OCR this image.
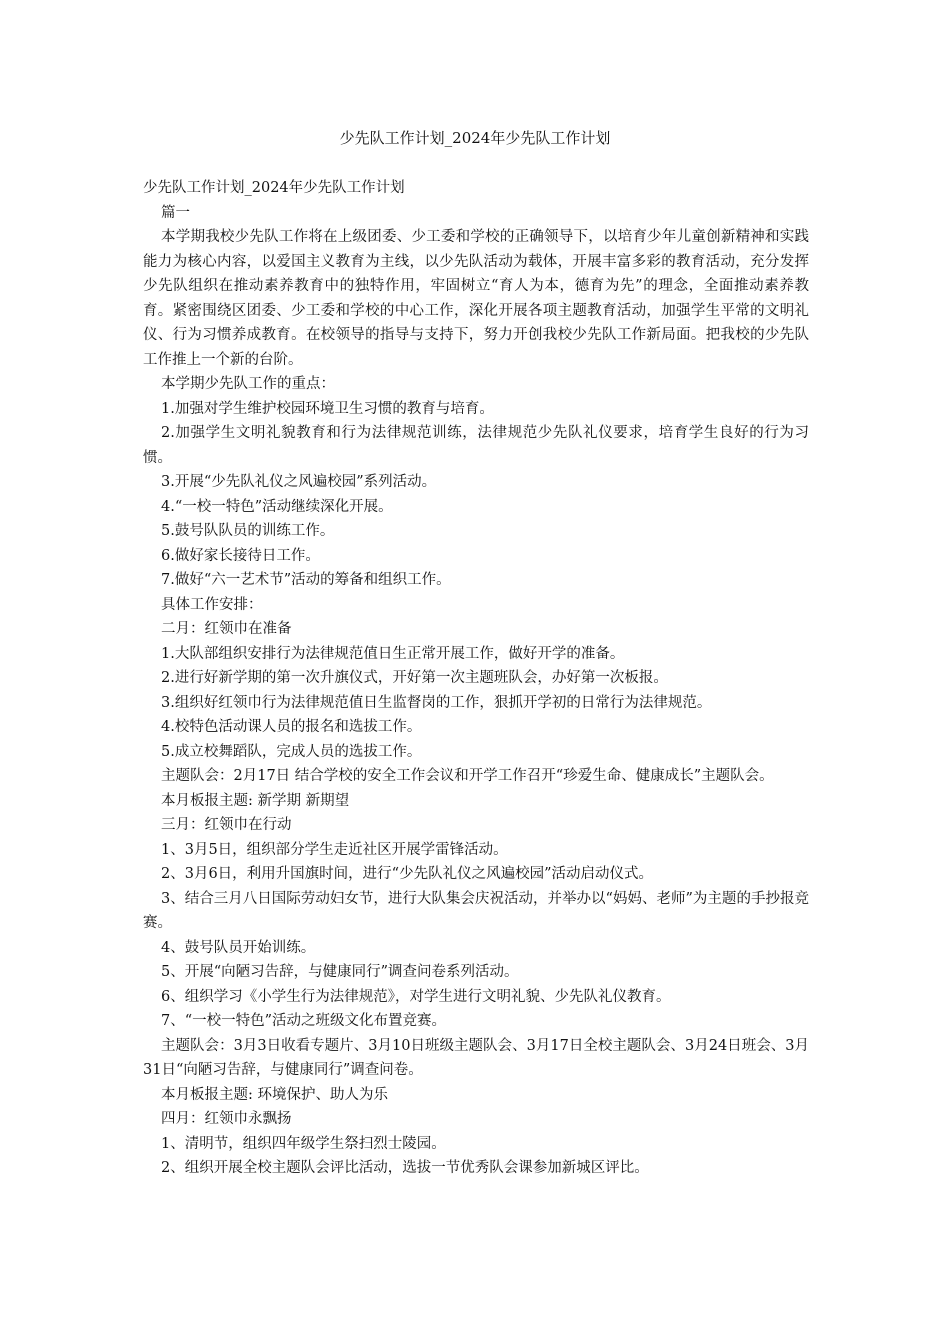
少先队工作计划_2024年少先队工作计划

少先队工作计划_2024年少先队工作计划

篇一

本学期我校少先队工作将在上级团委、少工委和学校的正确领导下，以培育少年儿童创新精神和实践能力为核心内容，以爱国主义教育为主线，以少先队活动为载体，开展丰富多彩的教育活动，充分发挥少先队组织在推动素养教育中的独特作用，牢固树立“育人为本，德育为先”的理念，全面推动素养教育。紧密围绕区团委、少工委和学校的中心工作，深化开展各项主题教育活动，加强学生平常的文明礼仪、行为习惯养成教育。在校领导的指导与支持下，努力开创我校少先队工作新局面。把我校的少先队工作推上一个新的台阶。

本学期少先队工作的重点：

1.加强对学生维护校园环境卫生习惯的教育与培育。

2.加强学生文明礼貌教育和行为法律规范训练，法律规范少先队礼仪要求，培育学生良好的行为习惯。

3.开展“少先队礼仪之风遍校园”系列活动。

4.“一校一特色”活动继续深化开展。

5.鼓号队队员的训练工作。

6.做好家长接待日工作。

7.做好“六一艺术节”活动的筹备和组织工作。

具体工作安排：

二月：红领巾在准备

1.大队部组织安排行为法律规范值日生正常开展工作，做好开学的准备。

2.进行好新学期的第一次升旗仪式，开好第一次主题班队会，办好第一次板报。

3.组织好红领巾行为法律规范值日生监督岗的工作，狠抓开学初的日常行为法律规范。

4.校特色活动课人员的报名和选拔工作。

5.成立校舞蹈队，完成人员的选拔工作。

主题队会：2月17日 结合学校的安全工作会议和开学工作召开“珍爱生命、健康成长”主题队会。

本月板报主题: 新学期 新期望

三月：红领巾在行动

1、3月5日，组织部分学生走近社区开展学雷锋活动。

2、3月6日，利用升国旗时间，进行“少先队礼仪之风遍校园”活动启动仪式。

3、结合三月八日国际劳动妇女节，进行大队集会庆祝活动，并举办以“妈妈、老师”为主题的手抄报竞赛。

4、鼓号队员开始训练。

5、开展“向陋习告辞，与健康同行”调查问卷系列活动。

6、组织学习《小学生行为法律规范》，对学生进行文明礼貌、少先队礼仪教育。

7、“一校一特色”活动之班级文化布置竞赛。

主题队会：3月3日收看专题片、3月10日班级主题队会、3月17日全校主题队会、3月24日班会、3月31日“向陋习告辞，与健康同行”调查问卷。

本月板报主题: 环境保护、助人为乐

四月：红领巾永飘扬

1、清明节，组织四年级学生祭扫烈士陵园。

2、组织开展全校主题队会评比活动，选拔一节优秀队会课参加新城区评比。
